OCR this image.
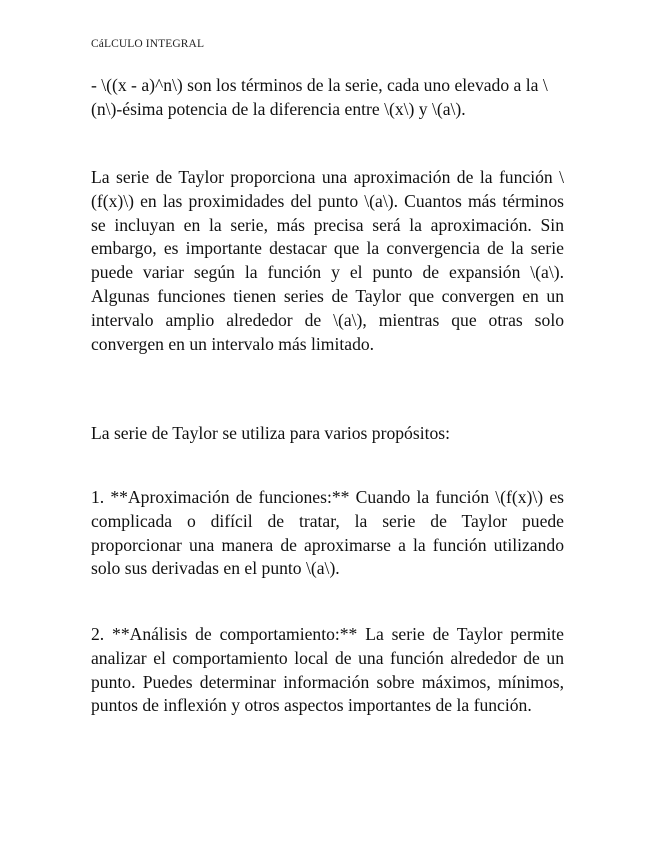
CáLCULO INTEGRAL

- \((x - a)^n\) son los términos de la serie, cada uno elevado a la \(n\)-ésima potencia de la diferencia entre \(x\) y \(a\).

La serie de Taylor proporciona una aproximación de la función \(f(x)\) en las proximidades del punto \(a\). Cuantos más términos se incluyan en la serie, más precisa será la aproximación. Sin embargo, es importante destacar que la convergencia de la serie puede variar según la función y el punto de expansión \(a\). Algunas funciones tienen series de Taylor que convergen en un intervalo amplio alrededor de \(a\), mientras que otras solo convergen en un intervalo más limitado.

La serie de Taylor se utiliza para varios propósitos:

1. **Aproximación de funciones:** Cuando la función \(f(x)\) es complicada o difícil de tratar, la serie de Taylor puede proporcionar una manera de aproximarse a la función utilizando solo sus derivadas en el punto \(a\).

2. **Análisis de comportamiento:** La serie de Taylor permite analizar el comportamiento local de una función alrededor de un punto. Puedes determinar información sobre máximos, mínimos, puntos de inflexión y otros aspectos importantes de la función.
